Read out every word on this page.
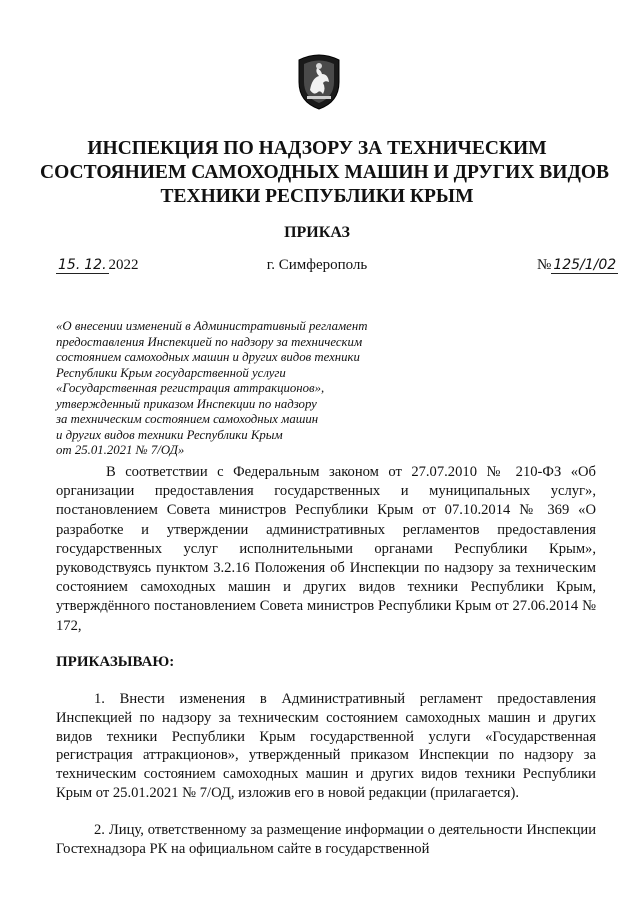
ИНСПЕКЦИЯ ПО НАДЗОРУ ЗА ТЕХНИЧЕСКИМ
СОСТОЯНИЕМ САМОХОДНЫХ МАШИН И ДРУГИХ ВИДОВ
ТЕХНИКИ РЕСПУБЛИКИ КРЫМ
ПРИКАЗ
15. 12. 2022	г. Симферополь	№ 125/1/02
«О внесении изменений в Административный регламент
предоставления Инспекцией по надзору за техническим
состоянием самоходных машин и других видов техники
Республики Крым государственной услуги
«Государственная регистрация аттракционов»,
утвержденный приказом Инспекции по надзору
за техническим состоянием самоходных машин
и других видов техники Республики Крым
от 25.01.2021 № 7/ОД»

В соответствии с Федеральным законом от 27.07.2010 № 210-ФЗ «Об организации предоставления государственных и муниципальных услуг», постановлением Совета министров Республики Крым от 07.10.2014 № 369 «О разработке и утверждении административных регламентов предоставления государственных услуг исполнительными органами Республики Крым», руководствуясь пунктом 3.2.16 Положения об Инспекции по надзору за техническим состоянием самоходных машин и других видов техники Республики Крым, утверждённого постановлением Совета министров Республики Крым от 27.06.2014 № 172,

ПРИКАЗЫВАЮ:

1. Внести изменения в Административный регламент предоставления Инспекцией по надзору за техническим состоянием самоходных машин и других видов техники Республики Крым государственной услуги «Государственная регистрация аттракционов», утвержденный приказом Инспекции по надзору за техническим состоянием самоходных машин и других видов техники Республики Крым от 25.01.2021 № 7/ОД, изложив его в новой редакции (прилагается).

2. Лицу, ответственному за размещение информации о деятельности Инспекции Гостехнадзора РК на официальном сайте в государственной
